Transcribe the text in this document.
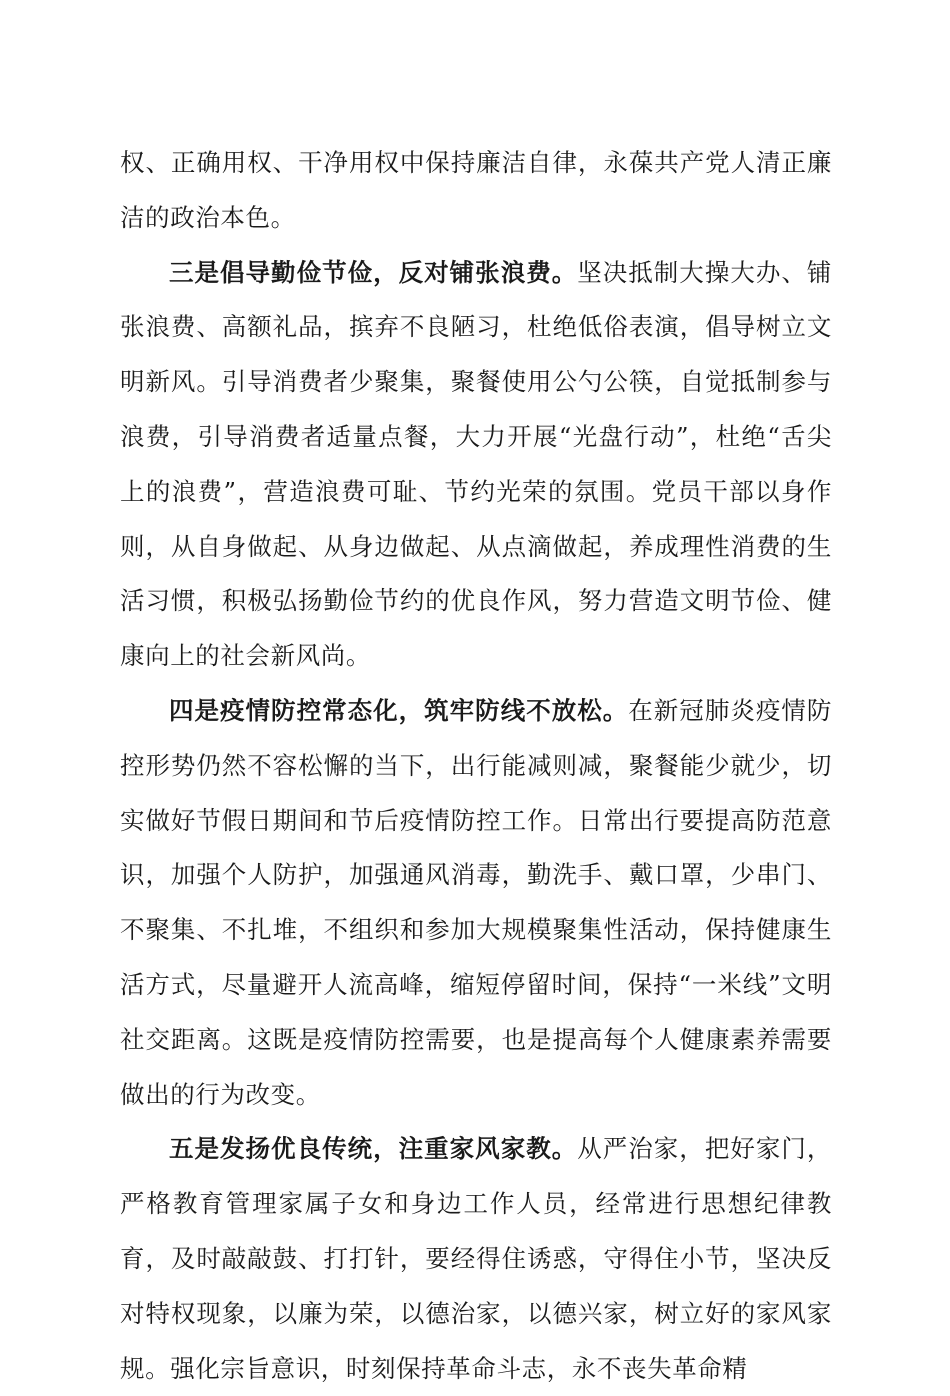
权、正确用权、干净用权中保持廉洁自律，永葆共产党人清正廉洁的政治本色。

三是倡导勤俭节俭，反对铺张浪费。坚决抵制大操大办、铺张浪费、高额礼品，摈弃不良陋习，杜绝低俗表演，倡导树立文明新风。引导消费者少聚集，聚餐使用公勺公筷，自觉抵制参与浪费，引导消费者适量点餐，大力开展“光盘行动”，杜绝“舌尖上的浪费”，营造浪费可耻、节约光荣的氛围。党员干部以身作则，从自身做起、从身边做起、从点滴做起，养成理性消费的生活习惯，积极弘扬勤俭节约的优良作风，努力营造文明节俭、健康向上的社会新风尚。

四是疫情防控常态化，筑牢防线不放松。在新冠肺炎疫情防控形势仍然不容松懈的当下，出行能减则减，聚餐能少就少，切实做好节假日期间和节后疫情防控工作。日常出行要提高防范意识，加强个人防护，加强通风消毒，勤洗手、戴口罩，少串门、不聚集、不扎堆，不组织和参加大规模聚集性活动，保持健康生活方式，尽量避开人流高峰，缩短停留时间，保持“一米线”文明社交距离。这既是疫情防控需要，也是提高每个人健康素养需要做出的行为改变。

五是发扬优良传统，注重家风家教。从严治家，把好家门，严格教育管理家属子女和身边工作人员，经常进行思想纪律教育，及时敲敲鼓、打打针，要经得住诱惑，守得住小节，坚决反对特权现象，以廉为荣，以德治家，以德兴家，树立好的家风家规。强化宗旨意识，时刻保持革命斗志，永不丧失革命精
